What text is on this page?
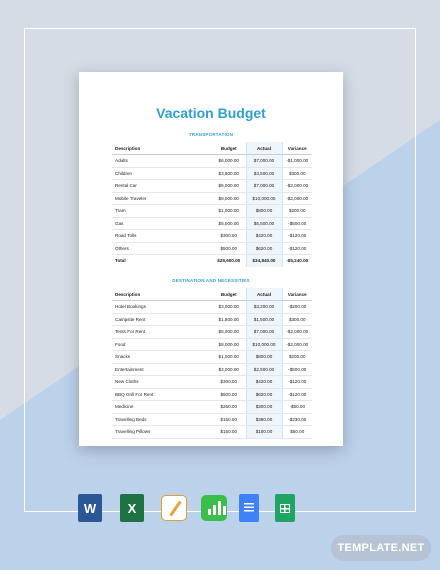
Vacation Budget
TRANSPORTATION
Description	Budget	Actual	Variance
Adults	$6,000.00	$7,000.00	-$1,000.00
Children	$3,800.00	$3,500.00	$300.00
Rental Car	$5,000.00	$7,000.00	-$2,000.00
Mobile Traveler	$8,000.00	$10,000.00	-$2,000.00
Tram	$1,000.00	$800.00	$200.00
Gas	$5,000.00	$5,500.00	-$500.00
Road Tolls	$300.00	$420.00	-$120.00
Others	$500.00	$620.00	-$120.00
Total	$29,600.00	$34,840.00	-$5,240.00
DESTINATION AND NECESSITIES
Description	Budget	Actual	Variance
Hotel Bookings	$3,000.00	$3,200.00	-$200.00
Campsite Rent	$1,800.00	$1,500.00	$300.00
Tents For Rent	$5,000.00	$7,000.00	-$2,000.00
Food	$8,000.00	$10,000.00	-$2,000.00
Snacks	$1,000.00	$800.00	$200.00
Entertainment	$2,000.00	$2,500.00	-$500.00
New Cloths	$300.00	$420.00	-$120.00
BBQ Grill For Rent	$500.00	$620.00	-$120.00
Medicine	$250.00	$300.00	-$50.00
Travelling Beds	$150.00	$380.00	-$230.00
Travelling Pillows	$150.00	$100.00	$50.00
W	X
TEMPLATE.NET
